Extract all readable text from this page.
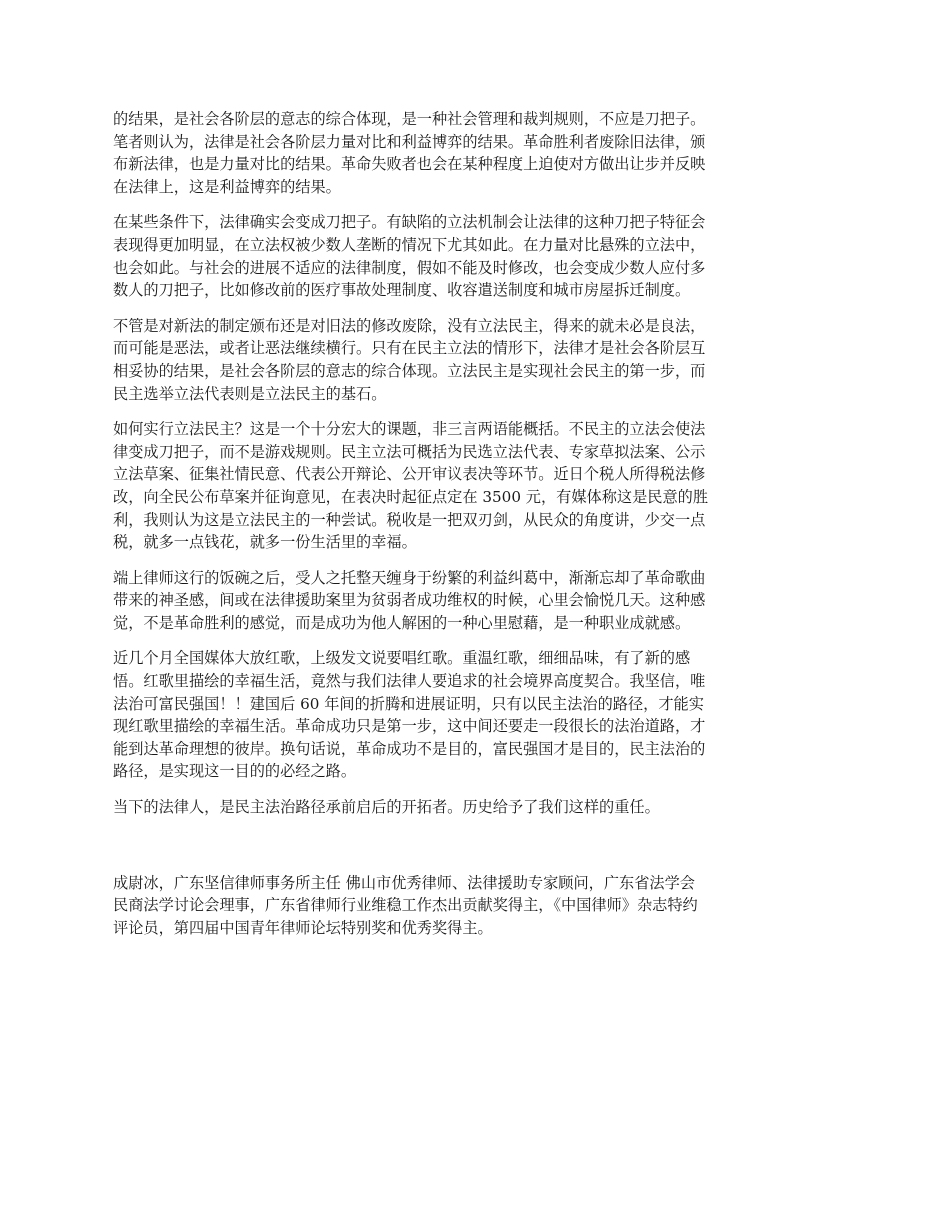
的结果，是社会各阶层的意志的综合体现，是一种社会管理和裁判规则，不应是刀把子。
笔者则认为，法律是社会各阶层力量对比和利益博弈的结果。革命胜利者废除旧法律，颁
布新法律，也是力量对比的结果。革命失败者也会在某种程度上迫使对方做出让步并反映
在法律上，这是利益博弈的结果。

在某些条件下，法律确实会变成刀把子。有缺陷的立法机制会让法律的这种刀把子特征会
表现得更加明显，在立法权被少数人垄断的情况下尤其如此。在力量对比悬殊的立法中，
也会如此。与社会的进展不适应的法律制度，假如不能及时修改，也会变成少数人应付多
数人的刀把子，比如修改前的医疗事故处理制度、收容遣送制度和城市房屋拆迁制度。

不管是对新法的制定颁布还是对旧法的修改废除，没有立法民主，得来的就未必是良法，
而可能是恶法，或者让恶法继续横行。只有在民主立法的情形下，法律才是社会各阶层互
相妥协的结果，是社会各阶层的意志的综合体现。立法民主是实现社会民主的第一步，而
民主选举立法代表则是立法民主的基石。

如何实行立法民主？这是一个十分宏大的课题，非三言两语能概括。不民主的立法会使法
律变成刀把子，而不是游戏规则。民主立法可概括为民选立法代表、专家草拟法案、公示
立法草案、征集社情民意、代表公开辩论、公开审议表决等环节。近日个税人所得税法修
改，向全民公布草案并征询意见，在表决时起征点定在 3500 元，有媒体称这是民意的胜
利，我则认为这是立法民主的一种尝试。税收是一把双刃剑，从民众的角度讲，少交一点
税，就多一点钱花，就多一份生活里的幸福。

端上律师这行的饭碗之后，受人之托整天缠身于纷繁的利益纠葛中，渐渐忘却了革命歌曲
带来的神圣感，间或在法律援助案里为贫弱者成功维权的时候，心里会愉悦几天。这种感
觉，不是革命胜利的感觉，而是成功为他人解困的一种心里慰藉，是一种职业成就感。

近几个月全国媒体大放红歌，上级发文说要唱红歌。重温红歌，细细品味，有了新的感
悟。红歌里描绘的幸福生活，竟然与我们法律人要追求的社会境界高度契合。我坚信，唯
法治可富民强国！！建国后 60 年间的折腾和进展证明，只有以民主法治的路径，才能实
现红歌里描绘的幸福生活。革命成功只是第一步，这中间还要走一段很长的法治道路，才
能到达革命理想的彼岸。换句话说，革命成功不是目的，富民强国才是目的，民主法治的
路径，是实现这一目的的必经之路。

当下的法律人，是民主法治路径承前启后的开拓者。历史给予了我们这样的重任。

成尉冰，广东坚信律师事务所主任 佛山市优秀律师、法律援助专家顾问，广东省法学会
民商法学讨论会理事，广东省律师行业维稳工作杰出贡献奖得主，《中国律师》杂志特约
评论员，第四届中国青年律师论坛特别奖和优秀奖得主。
